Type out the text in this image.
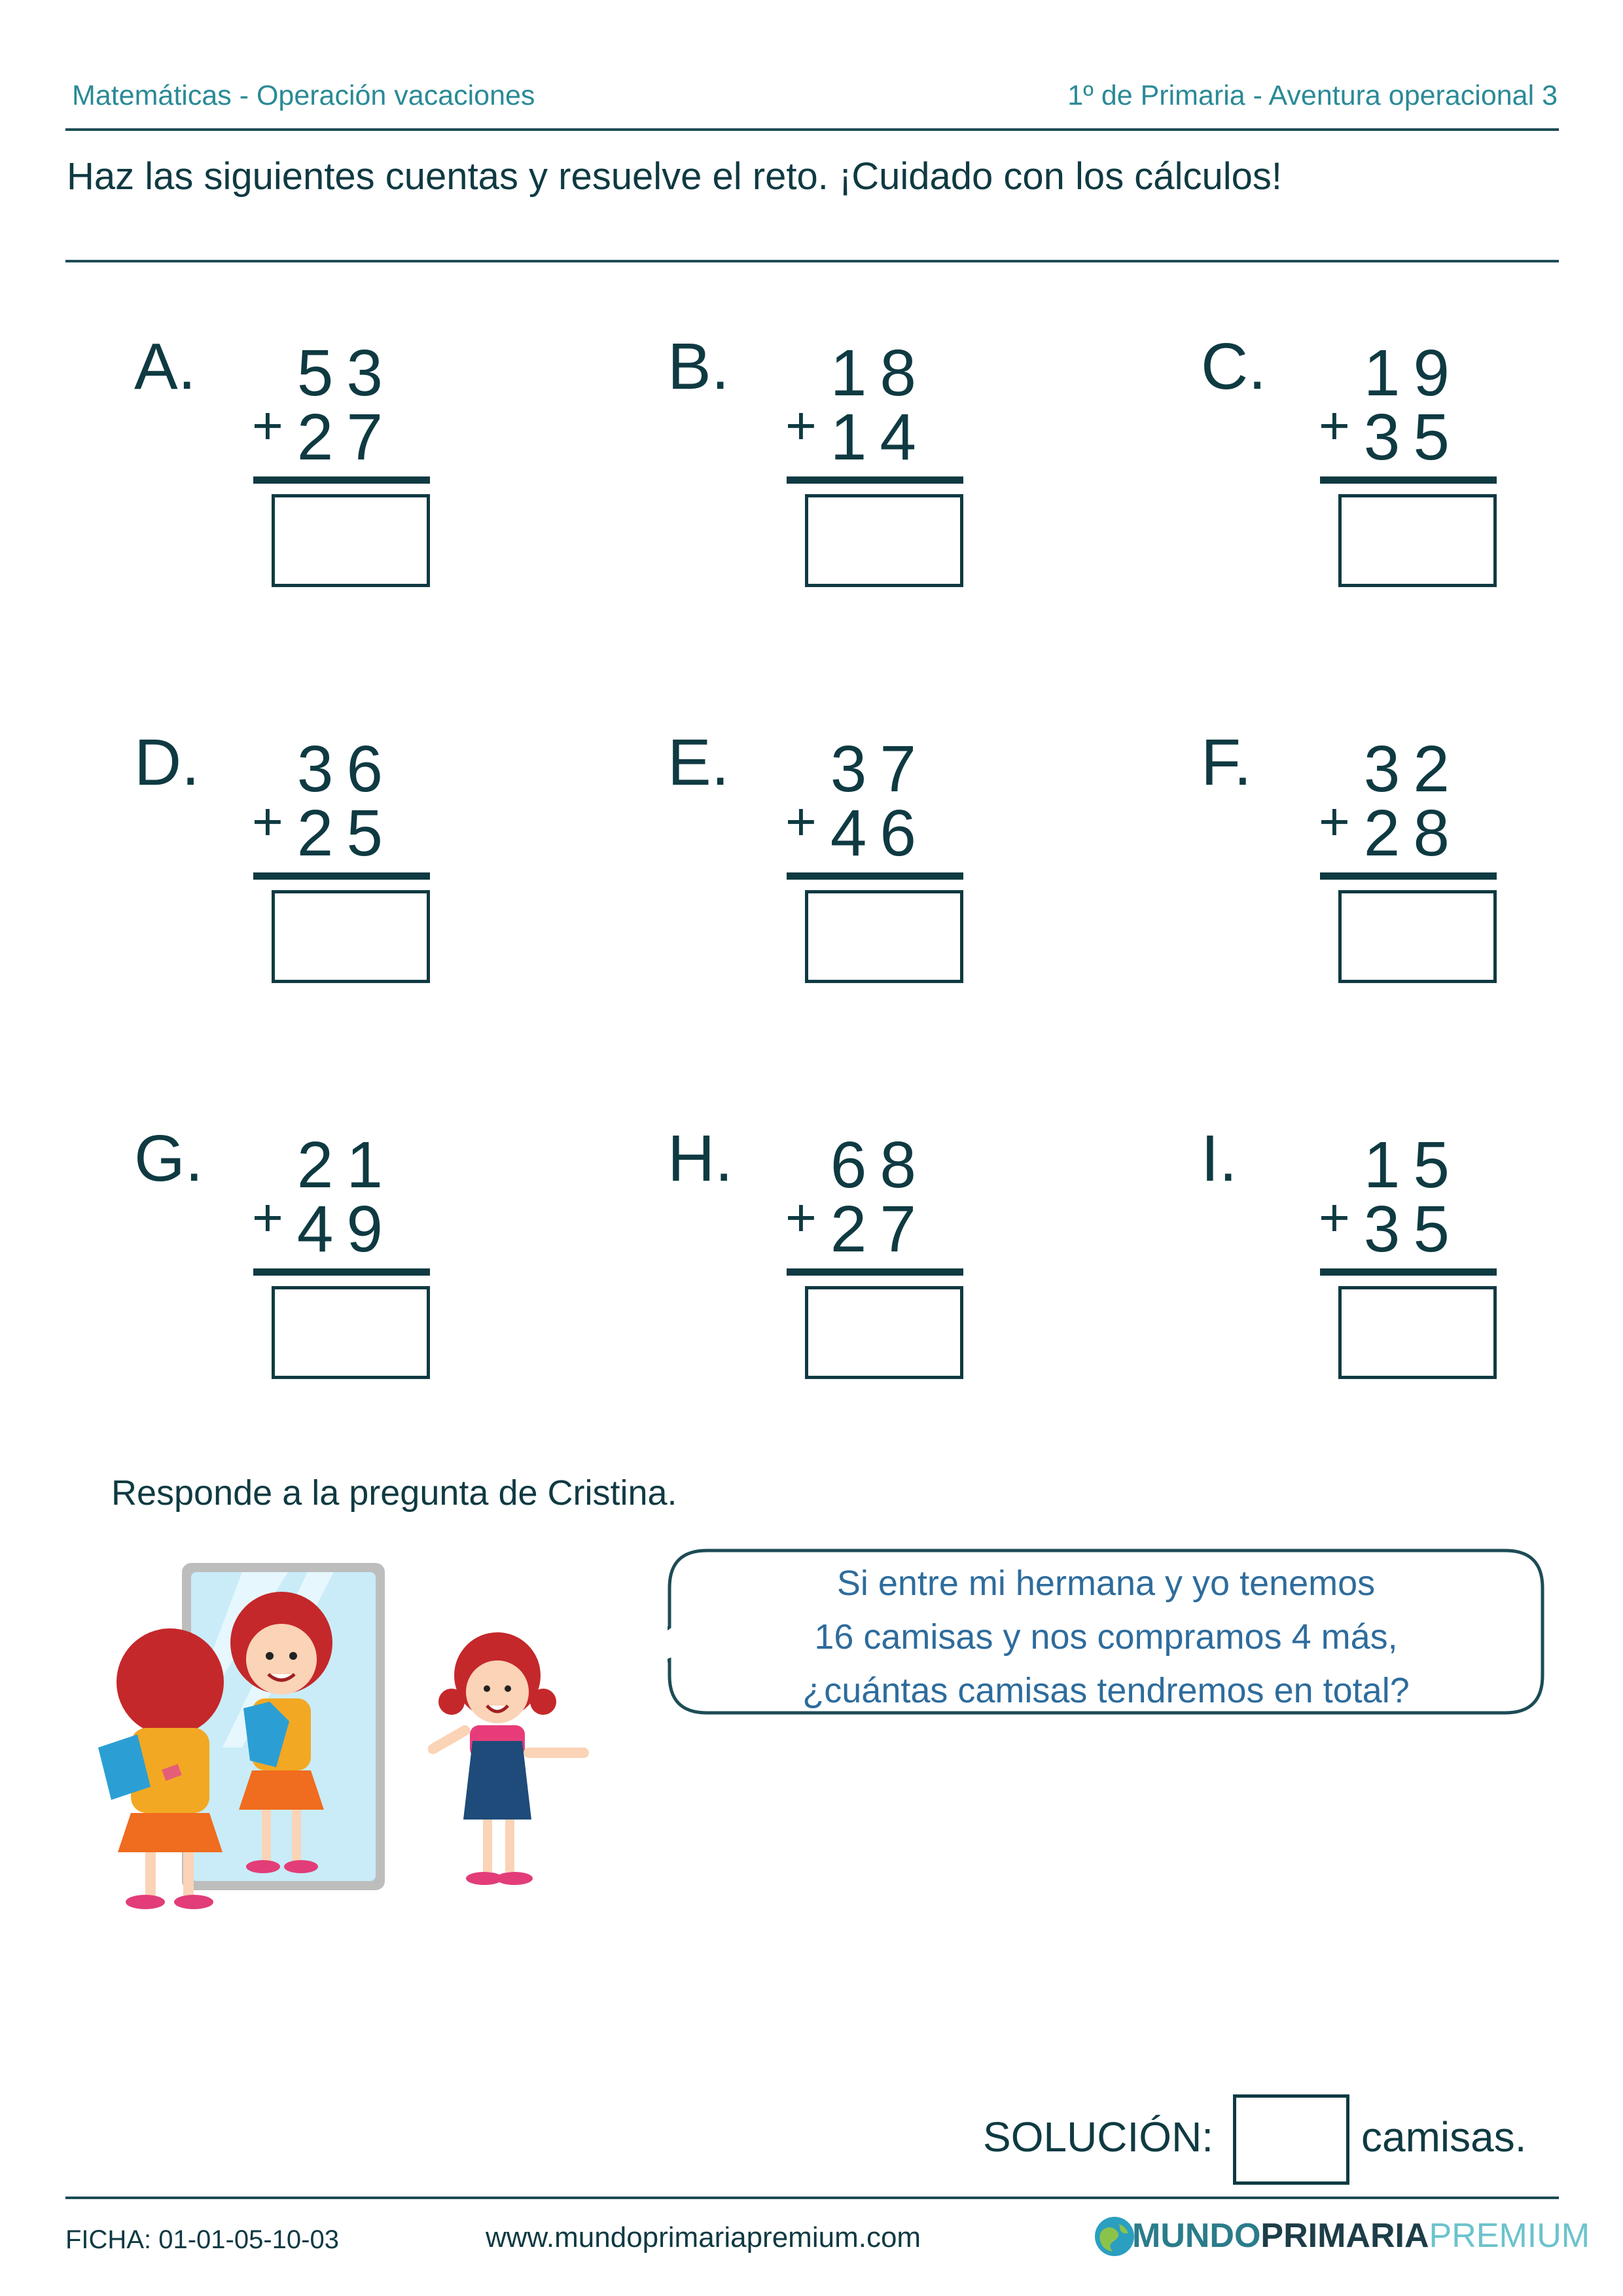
Matemáticas - Operación vacaciones	1º de Primaria - Aventura operacional 3
Haz las siguientes cuentas y resuelve el reto. ¡Cuidado con los cálculos!
A.	53
+ 27
B.	18
+ 14
C.	19
+ 35
D.	36
+ 25
E.	37
+ 46
F.	32
+ 28
G.	21
+ 49
H.	68
+ 27
I.	15
+ 35
Responde a la pregunta de Cristina.
Si entre mi hermana y yo tenemos
16 camisas y nos compramos 4 más,
¿cuántas camisas tendremos en total?
SOLUCIÓN:	camisas.
FICHA: 01-01-05-10-03	www.mundoprimariapremium.com	MUNDOPRIMARIAPREMIUM
